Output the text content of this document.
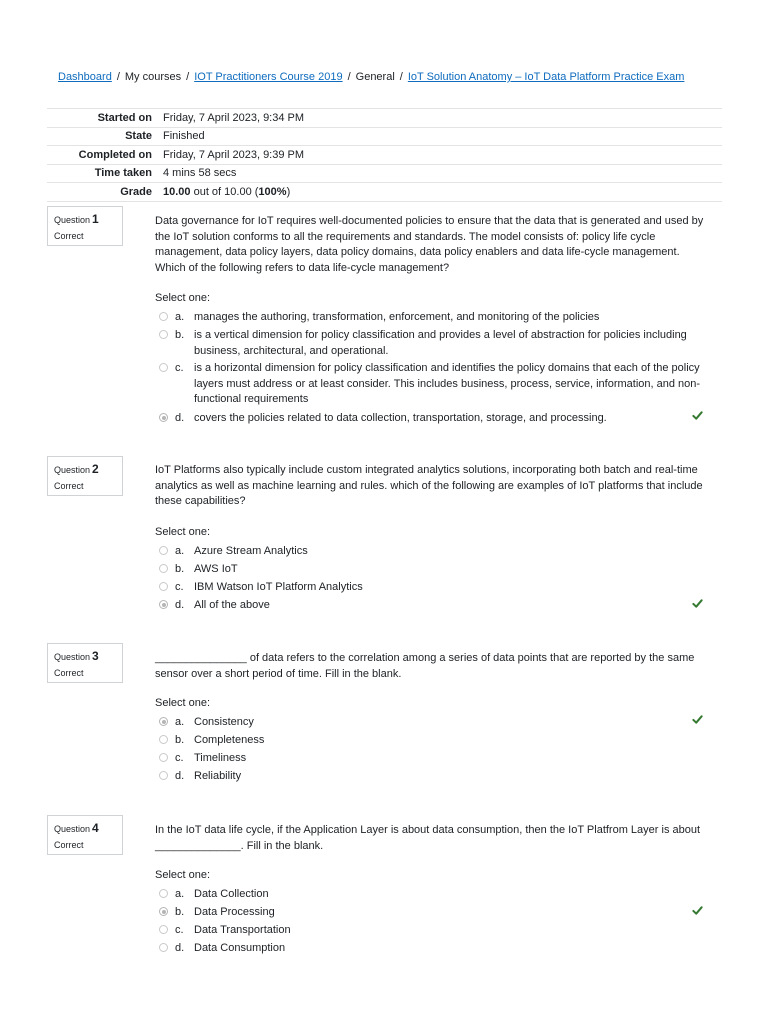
Dashboard / My courses / IOT Practitioners Course 2019 / General / IoT Solution Anatomy – IoT Data Platform Practice Exam
Started on	Friday, 7 April 2023, 9:34 PM
State	Finished
Completed on	Friday, 7 April 2023, 9:39 PM
Time taken	4 mins 58 secs
Grade	10.00 out of 10.00 (100%)
Question 1
Correct
Data governance for IoT requires well-documented policies to ensure that the data that is generated and used by the IoT solution conforms to all the requirements and standards. The model consists of: policy life cycle management, data policy layers, data policy domains, data policy enablers and data life-cycle management. Which of the following refers to data life-cycle management?
Select one:
a. manages the authoring, transformation, enforcement, and monitoring of the policies
b. is a vertical dimension for policy classification and provides a level of abstraction for policies including business, architectural, and operational.
c. is a horizontal dimension for policy classification and identifies the policy domains that each of the policy layers must address or at least consider. This includes business, process, service, information, and non-functional requirements
d. covers the policies related to data collection, transportation, storage, and processing.
Question 2
Correct
IoT Platforms also typically include custom integrated analytics solutions, incorporating both batch and real-time analytics as well as machine learning and rules. which of the following are examples of IoT platforms that include these capabilities?
Select one:
a. Azure Stream Analytics
b. AWS IoT
c. IBM Watson IoT Platform Analytics
d. All of the above
Question 3
Correct
_______________ of data refers to the correlation among a series of data points that are reported by the same sensor over a short period of time. Fill in the blank.
Select one:
a. Consistency
b. Completeness
c. Timeliness
d. Reliability
Question 4
Correct
In the IoT data life cycle, if the Application Layer is about data consumption, then the IoT Platfrom Layer is about ______________. Fill in the blank.
Select one:
a. Data Collection
b. Data Processing
c. Data Transportation
d. Data Consumption
